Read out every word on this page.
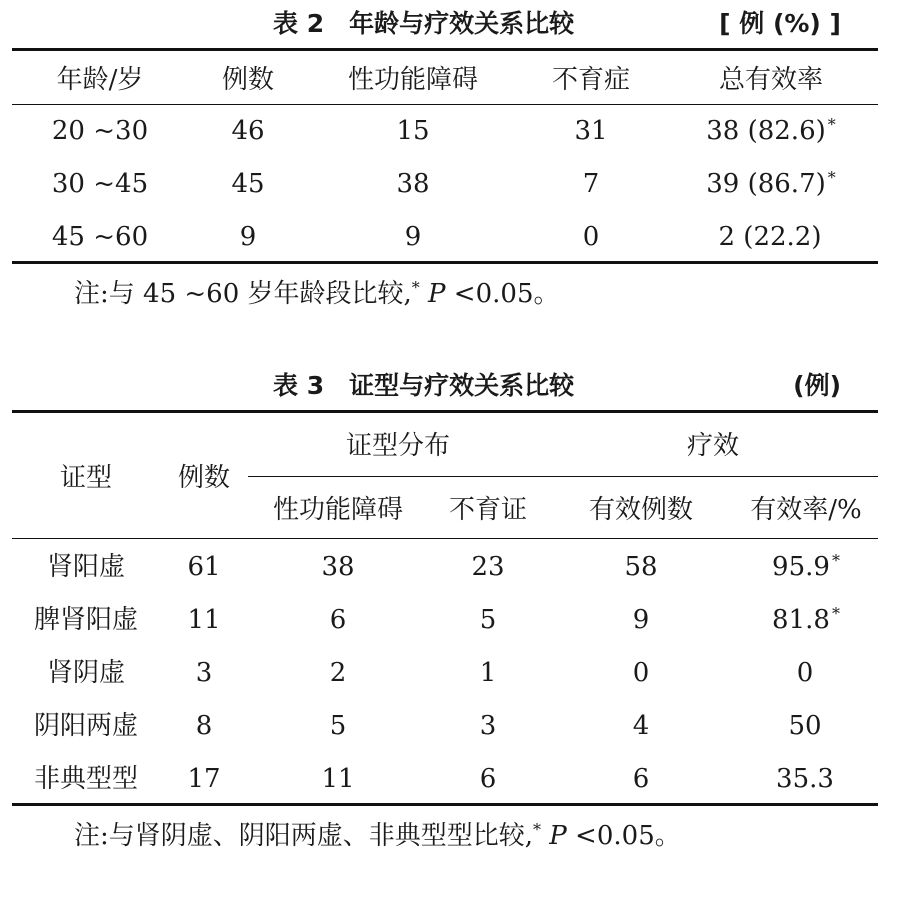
表 2　年龄与疗效关系比较	[ 例 (%) ]
年龄/岁	例数	性功能障碍	不育症	总有效率
20 ~30	46	15	31	38 (82.6) *
30 ~45	45	38	7	39 (86.7) *
45 ~60	9	9	0	2 (22.2)
注:与 45 ~60 岁年龄段比较,* P <0.05。
表 3　证型与疗效关系比较	(例)
证型	例数
证型分布	疗效
性功能障碍	不育证	有效例数	有效率/%
肾阳虚	61	38	23	58	95.9 *
脾肾阳虚	11	6	5	9	81.8 *
肾阴虚	3	2	1	0	0
阴阳两虚	8	5	3	4	50
非典型型	17	11	6	6	35.3
注:与肾阴虚、阴阳两虚、非典型型比较,* P <0.05。
